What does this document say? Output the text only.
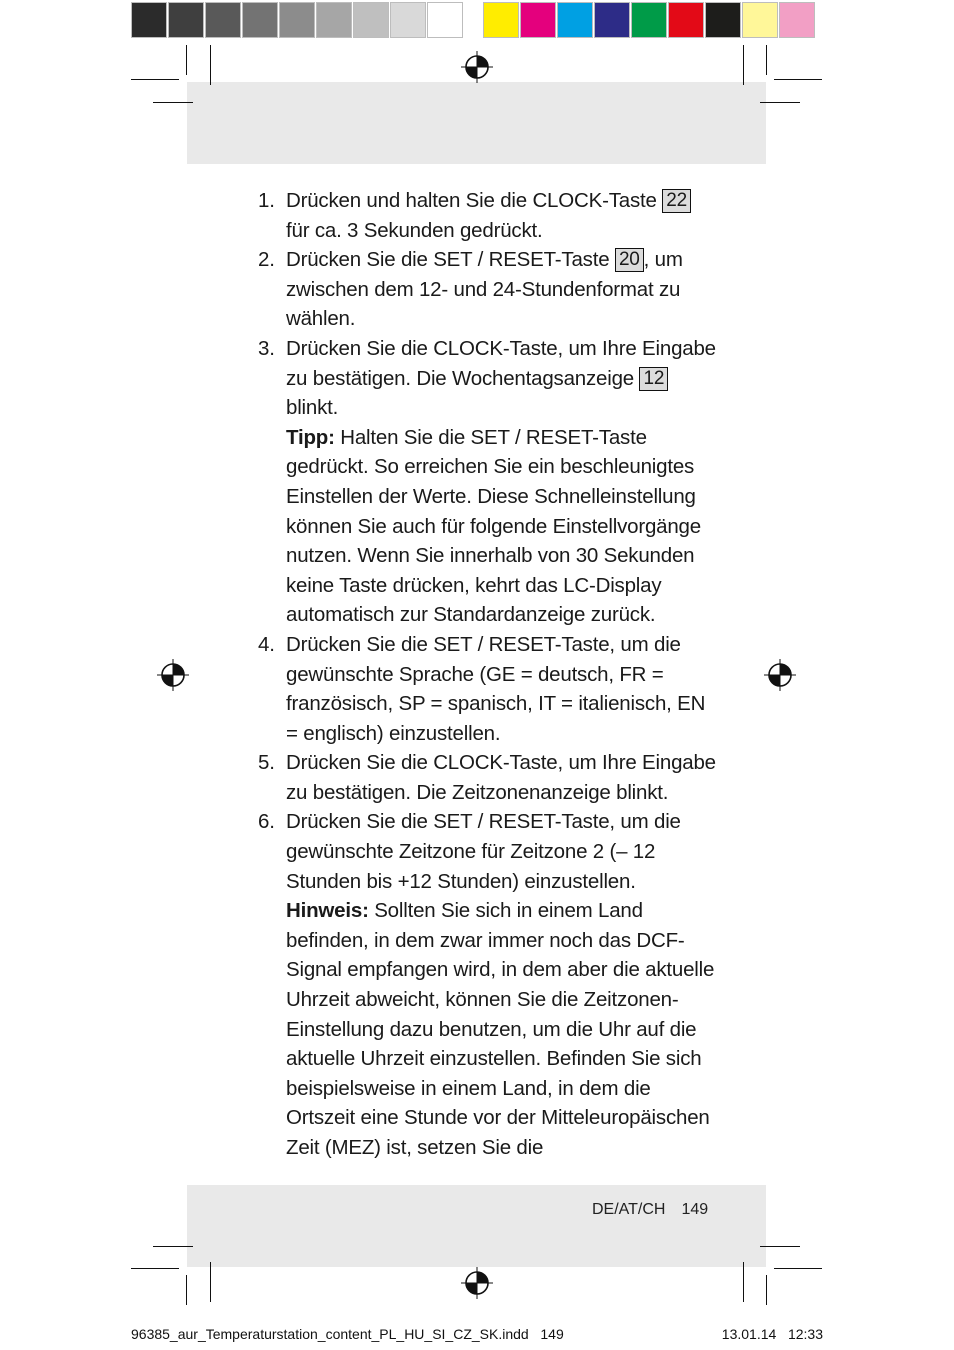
1. Drücken und halten Sie die CLOCK-Taste 22 für ca. 3 Sekunden gedrückt.
2. Drücken Sie die SET / RESET-Taste 20 , um zwischen dem 12- und 24-Stundenformat zu wählen.
3. Drücken Sie die CLOCK-Taste, um Ihre Eingabe zu bestätigen. Die Wochentagsanzeige 12 blinkt.
Tipp: Halten Sie die SET / RESET-Taste gedrückt. So erreichen Sie ein beschleunigtes Einstellen der Werte. Diese Schnelleinstellung können Sie auch für folgende Einstellvorgänge nutzen. Wenn Sie innerhalb von 30 Sekunden keine Taste drücken, kehrt das LC-Display automatisch zur Standardanzeige zurück.
4. Drücken Sie die SET / RESET-Taste, um die gewünschte Sprache (GE = deutsch, FR = französisch, SP = spanisch, IT = italienisch, EN = englisch) einzustellen.
5. Drücken Sie die CLOCK-Taste, um Ihre Eingabe zu bestätigen. Die Zeitzonenanzeige blinkt.
6. Drücken Sie die SET / RESET-Taste, um die gewünschte Zeitzone für Zeitzone 2 (– 12 Stunden bis +12 Stunden) einzustellen.
Hinweis: Sollten Sie sich in einem Land befinden, in dem zwar immer noch das DCF-Signal empfangen wird, in dem aber die aktuelle Uhrzeit abweicht, können Sie die Zeitzonen-Einstellung dazu benutzen, um die Uhr auf die aktuelle Uhrzeit einzustellen. Befinden Sie sich beispielsweise in einem Land, in dem die Ortszeit eine Stunde vor der Mitteleuropäischen Zeit (MEZ) ist, setzen Sie die
DE/AT/CH 149
96385_aur_Temperaturstation_content_PL_HU_SI_CZ_SK.indd   149	13.01.14   12:33
